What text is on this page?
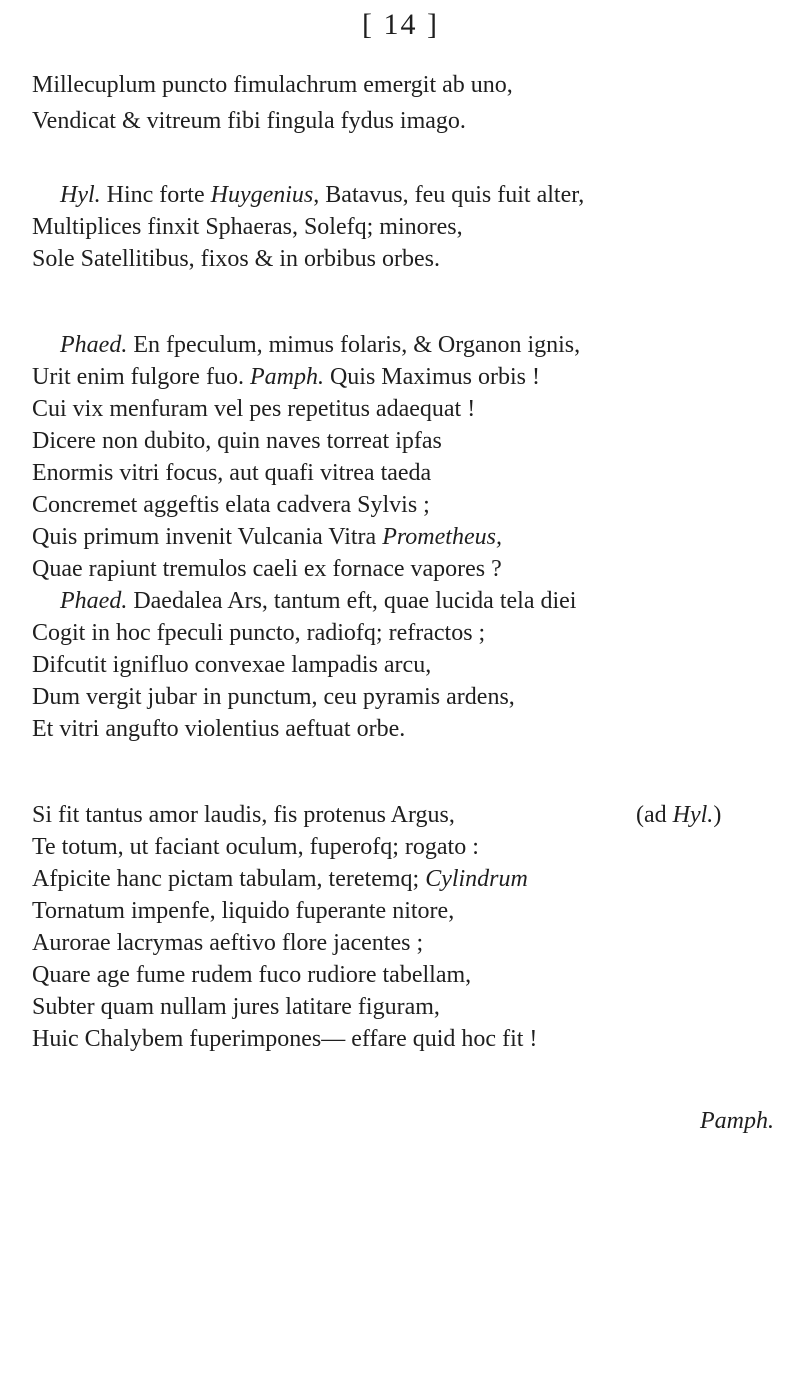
[ 14 ]
Millecuplum puncto fimulachrum emergit ab uno,
Vendicat & vitreum fibi fingula fydus imago.
Hyl. Hinc forte Huygenius, Batavus, feu quis fuit alter,
Multiplices finxit Sphaeras, Solefq; minores,
Sole Satellitibus, fixos & in orbibus orbes.
Phaed. En fpeculum, mimus folaris, & Organon ignis,
Urit enim fulgore fuo. Pamph. Quis Maximus orbis !
Cui vix menfuram vel pes repetitus adaequat !
Dicere non dubito, quin naves torreat ipfas
Enormis vitri focus, aut quafi vitrea taeda
Concremet aggeftis elata cadvera Sylvis ;
Quis primum invenit Vulcania Vitra Prometheus,
Quae rapiunt tremulos caeli ex fornace vapores ?
Phaed. Daedalea Ars, tantum eft, quae lucida tela diei
Cogit in hoc fpeculi puncto, radiofq; refractos ;
Difcutit ignifluo convexae lampadis arcu,
Dum vergit jubar in punctum, ceu pyramis ardens,
Et vitri angufto violentius aeftuat orbe.
Si fit tantus amor laudis, fis protenus Argus,	(ad Hyl.)
Te totum, ut faciant oculum, fuperofq; rogato :
Afpicite hanc pictam tabulam, teretemq; Cylindrum
Tornatum impenfe, liquido fuperante nitore,
Aurorae lacrymas aeftivo flore jacentes ;
Quare age fume rudem fuco rudiore tabellam,
Subter quam nullam jures latitare figuram,
Huic Chalybem fuperimpones— effare quid hoc fit !
Pamph.
